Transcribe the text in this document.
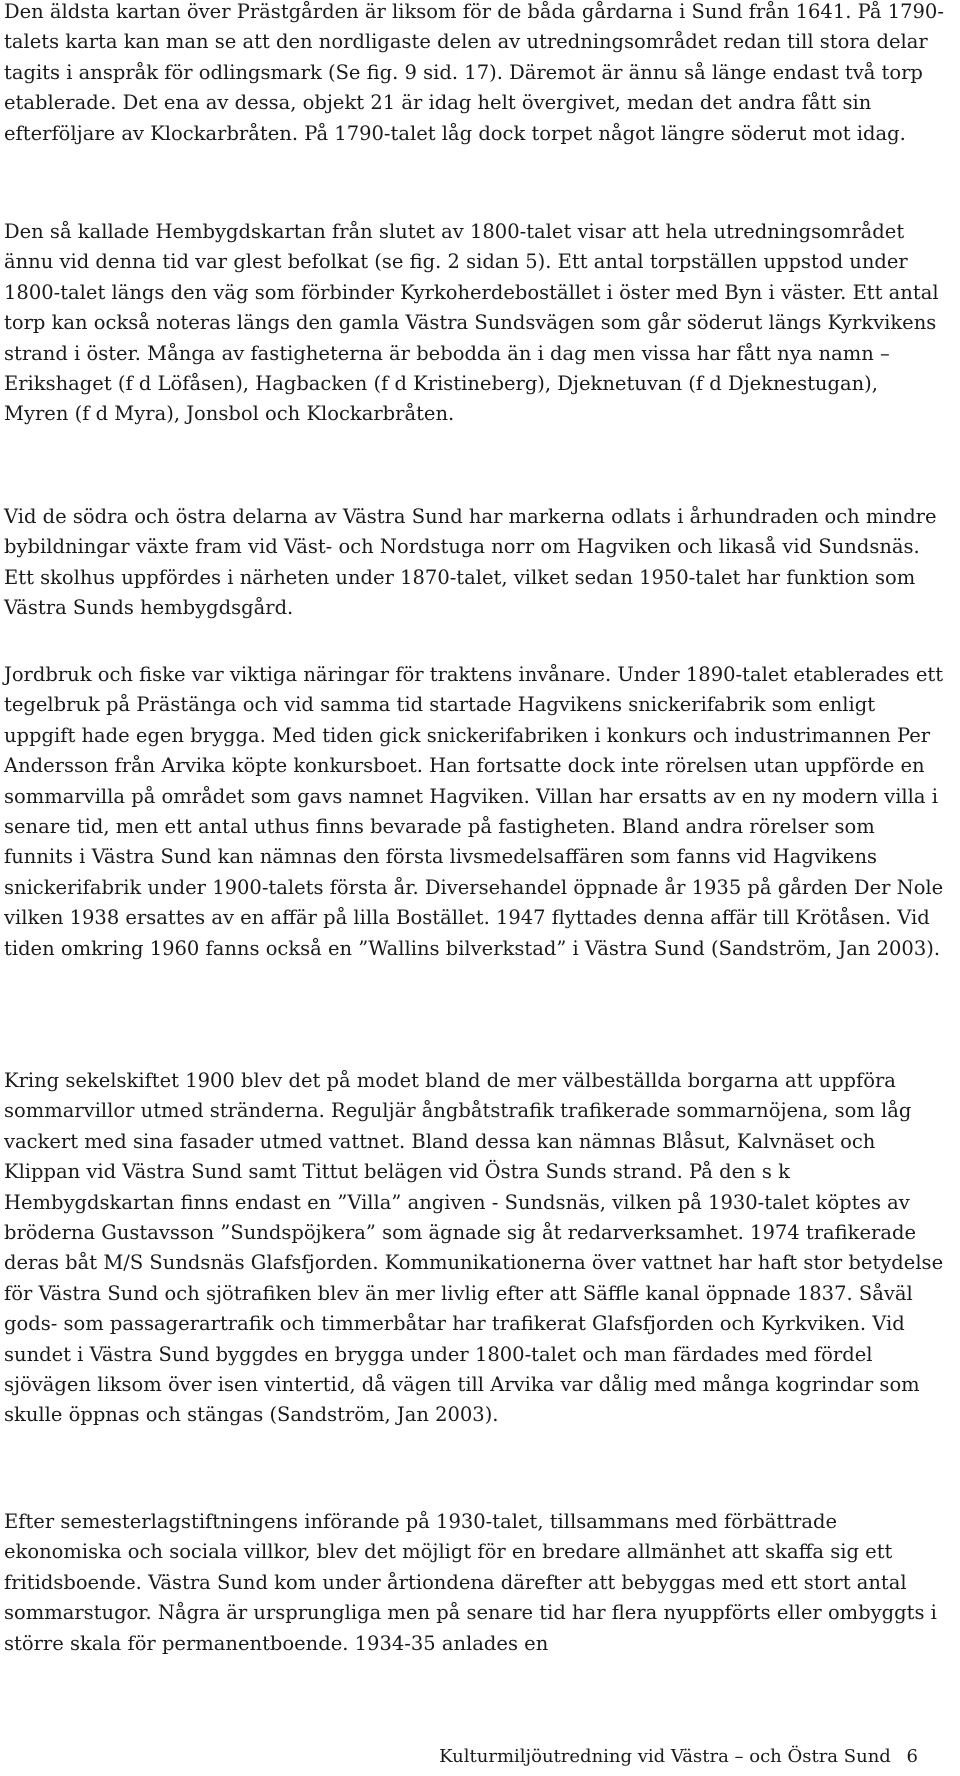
Den äldsta kartan över Prästgården är liksom för de båda gårdarna i Sund från 1641. På 1790-talets karta kan man se att den nordligaste delen av utredningsområdet redan till stora delar tagits i anspråk för odlingsmark (Se fig. 9 sid. 17). Däremot är ännu så länge endast två torp etablerade. Det ena av dessa, objekt 21 är idag helt övergivet, medan det andra fått sin efterföljare av Klockarbråten. På 1790-talet låg dock torpet något längre söderut mot idag.

Den så kallade Hembygdskartan från slutet av 1800-talet visar att hela utredningsområdet ännu vid denna tid var glest befolkat (se fig. 2 sidan 5). Ett antal torpställen uppstod under 1800-talet längs den väg som förbinder Kyrkoherdebostället i öster med Byn i väster. Ett antal torp kan också noteras längs den gamla Västra Sundsvägen som går söderut längs Kyrkvikens strand i öster. Många av fastigheterna är bebodda än i dag men vissa har fått nya namn – Erikshaget (f d Löfåsen), Hagbacken (f d Kristineberg), Djeknetuvan (f d Djeknestugan), Myren (f d Myra), Jonsbol och Klockarbråten.

Vid de södra och östra delarna av Västra Sund har markerna odlats i århundraden och mindre bybildningar växte fram vid Väst- och Nordstuga norr om Hagviken och likaså vid Sundsnäs. Ett skolhus uppfördes i närheten under 1870-talet, vilket sedan 1950-talet har funktion som Västra Sunds hembygdsgård.

Jordbruk och fiske var viktiga näringar för traktens invånare. Under 1890-talet etablerades ett tegelbruk på Prästänga och vid samma tid startade Hagvikens snickerifabrik som enligt uppgift hade egen brygga. Med tiden gick snickerifabriken i konkurs och industrimannen Per Andersson från Arvika köpte konkursboet. Han fortsatte dock inte rörelsen utan uppförde en sommarvilla på området som gavs namnet Hagviken. Villan har ersatts av en ny modern villa i senare tid, men ett antal uthus finns bevarade på fastigheten. Bland andra rörelser som funnits i Västra Sund kan nämnas den första livsmedelsaffären som fanns vid Hagvikens snickerifabrik under 1900-talets första år. Diversehandel öppnade år 1935 på gården Der Nole vilken 1938 ersattes av en affär på lilla Bostället. 1947 flyttades denna affär till Krötåsen. Vid tiden omkring 1960 fanns också en ”Wallins bilverkstad” i Västra Sund (Sandström, Jan 2003).

Kring sekelskiftet 1900 blev det på modet bland de mer välbeställda borgarna att uppföra sommarvillor utmed stränderna. Reguljär ångbåtstrafik trafikerade sommarnöjena, som låg vackert med sina fasader utmed vattnet. Bland dessa kan nämnas Blåsut, Kalvnäset och Klippan vid Västra Sund samt Tittut belägen vid Östra Sunds strand. På den s k Hembygdskartan finns endast en ”Villa” angiven - Sundsnäs, vilken på 1930-talet köptes av bröderna Gustavsson ”Sundspöjkera” som ägnade sig åt redarverksamhet. 1974 trafikerade deras båt M/S Sundsnäs Glafsfjorden. Kommunikationerna över vattnet har haft stor betydelse för Västra Sund och sjötrafiken blev än mer livlig efter att Säffle kanal öppnade 1837. Såväl gods- som passagerartrafik och timmerbåtar har trafikerat Glafsfjorden och Kyrkviken. Vid sundet i Västra Sund byggdes en brygga under 1800-talet och man färdades med fördel sjövägen liksom över isen vintertid, då vägen till Arvika var dålig med många kogrindar som skulle öppnas och stängas (Sandström, Jan 2003).

Efter semesterlagstiftningens införande på 1930-talet, tillsammans med förbättrade ekonomiska och sociala villkor, blev det möjligt för en bredare allmänhet att skaffa sig ett fritidsboende. Västra Sund kom under årtiondena därefter att bebyggas med ett stort antal sommarstugor. Några är ursprungliga men på senare tid har flera nyuppförts eller ombyggts i större skala för permanentboende. 1934-35 anlades en

Kulturmiljöutredning vid Västra – och Östra Sund 6
